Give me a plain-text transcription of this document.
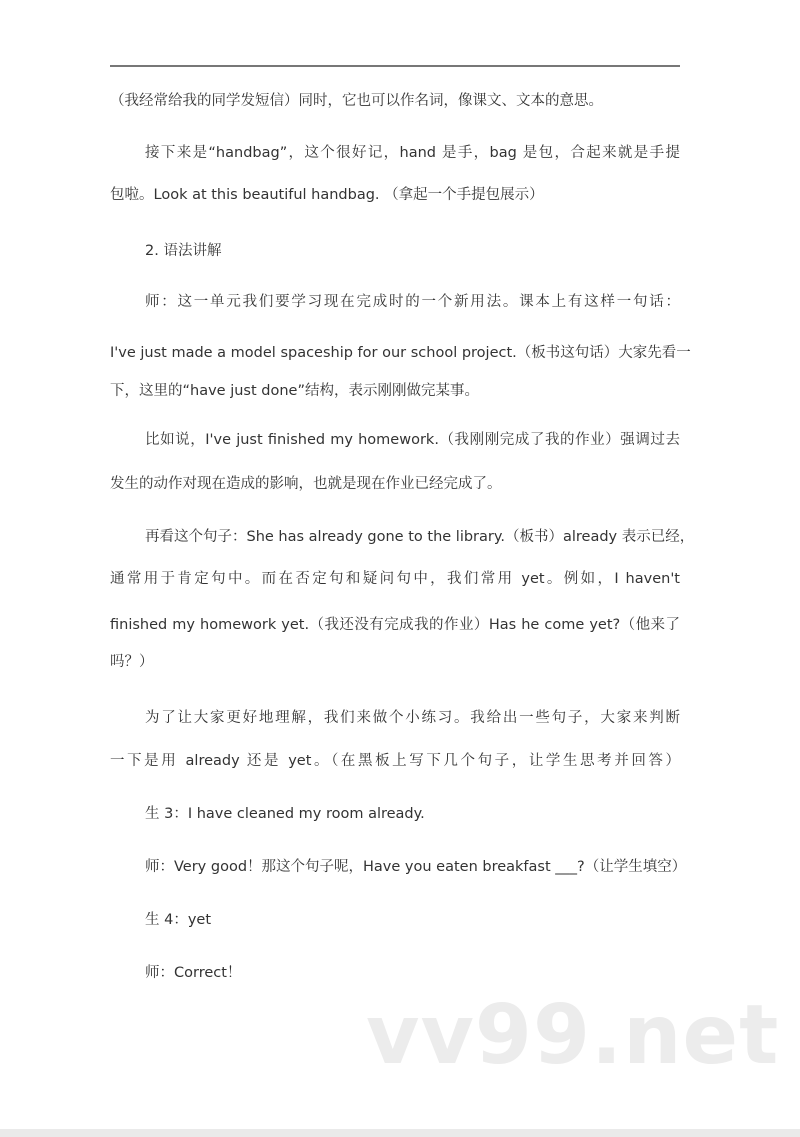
（我经常给我的同学发短信）同时，它也可以作名词，像课文、文本的意思。
接下来是“handbag”，这个很好记，hand 是手，bag 是包，合起来就是手提
包啦。Look at this beautiful handbag. （拿起一个手提包展示）
2. 语法讲解
师：这一单元我们要学习现在完成时的一个新用法。课本上有这样一句话：
I've just made a model spaceship for our school project.（板书这句话）大家先看一
下，这里的“have just done”结构，表示刚刚做完某事。
比如说，I've just finished my homework.（我刚刚完成了我的作业）强调过去
发生的动作对现在造成的影响，也就是现在作业已经完成了。
再看这个句子：She has already gone to the library.（板书）already 表示已经，
通常用于肯定句中。而在否定句和疑问句中，我们常用 yet。例如，I haven't
finished my homework yet.（我还没有完成我的作业）Has he come yet?（他来了
吗？）
为了让大家更好地理解，我们来做个小练习。我给出一些句子，大家来判断
一下是用 already 还是 yet。（在黑板上写下几个句子，让学生思考并回答）
生 3：I have cleaned my room already.
师：Very good！那这个句子呢，Have you eaten breakfast ___?（让学生填空）
生 4：yet
师：Correct！
vv99.net
